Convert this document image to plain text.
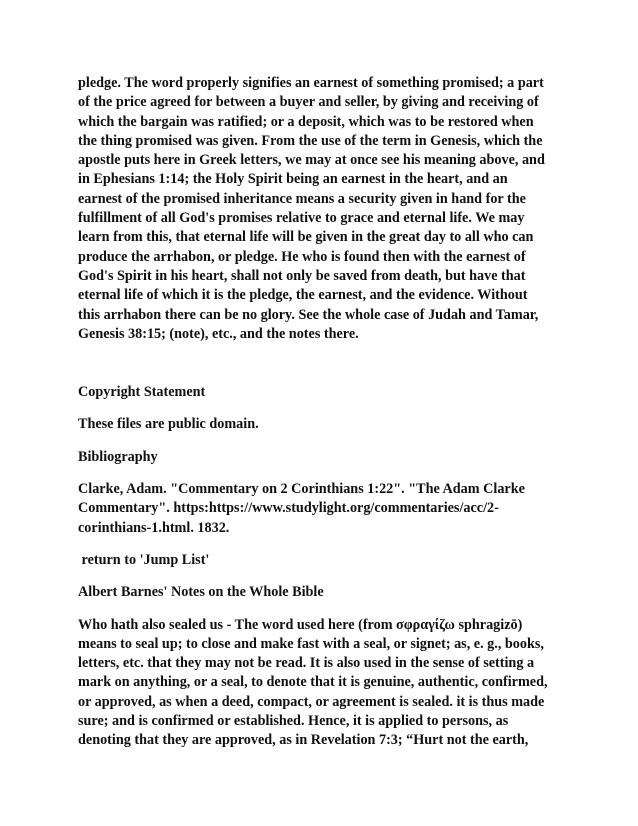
pledge. The word properly signifies an earnest of something promised; a part
of the price agreed for between a buyer and seller, by giving and receiving of
which the bargain was ratified; or a deposit, which was to be restored when
the thing promised was given. From the use of the term in Genesis, which the
apostle puts here in Greek letters, we may at once see his meaning above, and
in Ephesians 1:14; the Holy Spirit being an earnest in the heart, and an
earnest of the promised inheritance means a security given in hand for the
fulfillment of all God's promises relative to grace and eternal life. We may
learn from this, that eternal life will be given in the great day to all who can
produce the arrhabon, or pledge. He who is found then with the earnest of
God's Spirit in his heart, shall not only be saved from death, but have that
eternal life of which it is the pledge, the earnest, and the evidence. Without
this arrhabon there can be no glory. See the whole case of Judah and Tamar,
Genesis 38:15; (note), etc., and the notes there.
Copyright Statement
These files are public domain.
Bibliography
Clarke, Adam. "Commentary on 2 Corinthians 1:22". "The Adam Clarke
Commentary". https:https://www.studylight.org/commentaries/acc/2-
corinthians-1.html. 1832.
return to 'Jump List'
Albert Barnes' Notes on the Whole Bible
Who hath also sealed us - The word used here (from σφραγίζω sphragizō)
means to seal up; to close and make fast with a seal, or signet; as, e. g., books,
letters, etc. that they may not be read. It is also used in the sense of setting a
mark on anything, or a seal, to denote that it is genuine, authentic, confirmed,
or approved, as when a deed, compact, or agreement is sealed. it is thus made
sure; and is confirmed or established. Hence, it is applied to persons, as
denoting that they are approved, as in Revelation 7:3; “Hurt not the earth,
